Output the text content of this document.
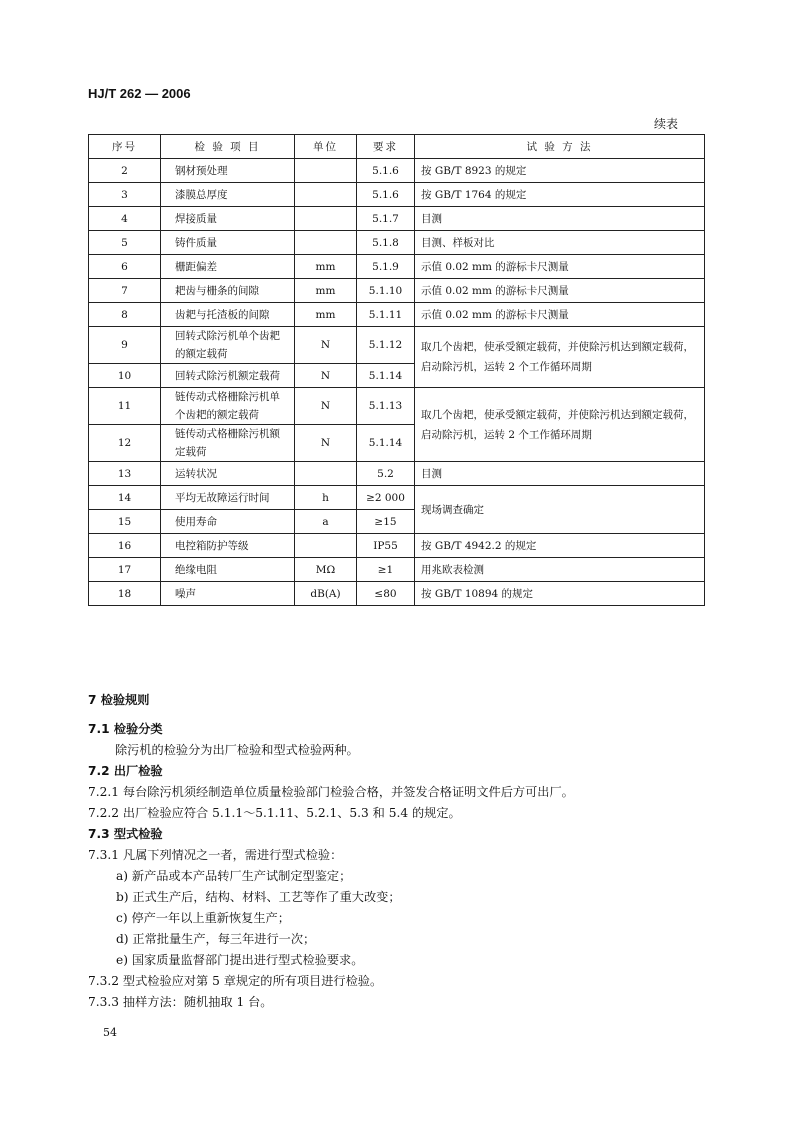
HJ/T 262 — 2006
续表
序号	检 验 项 目	单位	要求	试 验 方 法
2	钢材预处理		5.1.6	按 GB/T 8923 的规定
3	漆膜总厚度		5.1.6	按 GB/T 1764 的规定
4	焊接质量		5.1.7	目测
5	铸件质量		5.1.8	目测、样板对比
6	栅距偏差	mm	5.1.9	示值 0.02 mm 的游标卡尺测量
7	耙齿与栅条的间隙	mm	5.1.10	示值 0.02 mm 的游标卡尺测量
8	齿耙与托渣板的间隙	mm	5.1.11	示值 0.02 mm 的游标卡尺测量
9	回转式除污机单个齿耙的额定载荷	N	5.1.12	取几个齿耙，使承受额定载荷，并使除污机达到额定载荷，启动除污机，运转 2 个工作循环周期
10	回转式除污机额定载荷	N	5.1.14	
11	链传动式格栅除污机单个齿耙的额定载荷	N	5.1.13	取几个齿耙，使承受额定载荷，并使除污机达到额定载荷，启动除污机，运转 2 个工作循环周期
12	链传动式格栅除污机额定载荷	N	5.1.14	
13	运转状况		5.2	目测
14	平均无故障运行时间	h	≥2 000	现场调查确定
15	使用寿命	a	≥15	
16	电控箱防护等级		IP55	按 GB/T 4942.2 的规定
17	绝缘电阻	MΩ	≥1	用兆欧表检测
18	噪声	dB(A)	≤80	按 GB/T 10894 的规定
7 检验规则
7.1 检验分类
除污机的检验分为出厂检验和型式检验两种。
7.2 出厂检验
7.2.1 每台除污机须经制造单位质量检验部门检验合格，并签发合格证明文件后方可出厂。
7.2.2 出厂检验应符合 5.1.1～5.1.11、5.2.1、5.3 和 5.4 的规定。
7.3 型式检验
7.3.1 凡属下列情况之一者，需进行型式检验：
a) 新产品或本产品转厂生产试制定型鉴定；
b) 正式生产后，结构、材料、工艺等作了重大改变；
c) 停产一年以上重新恢复生产；
d) 正常批量生产，每三年进行一次；
e) 国家质量监督部门提出进行型式检验要求。
7.3.2 型式检验应对第 5 章规定的所有项目进行检验。
7.3.3 抽样方法：随机抽取 1 台。
54
